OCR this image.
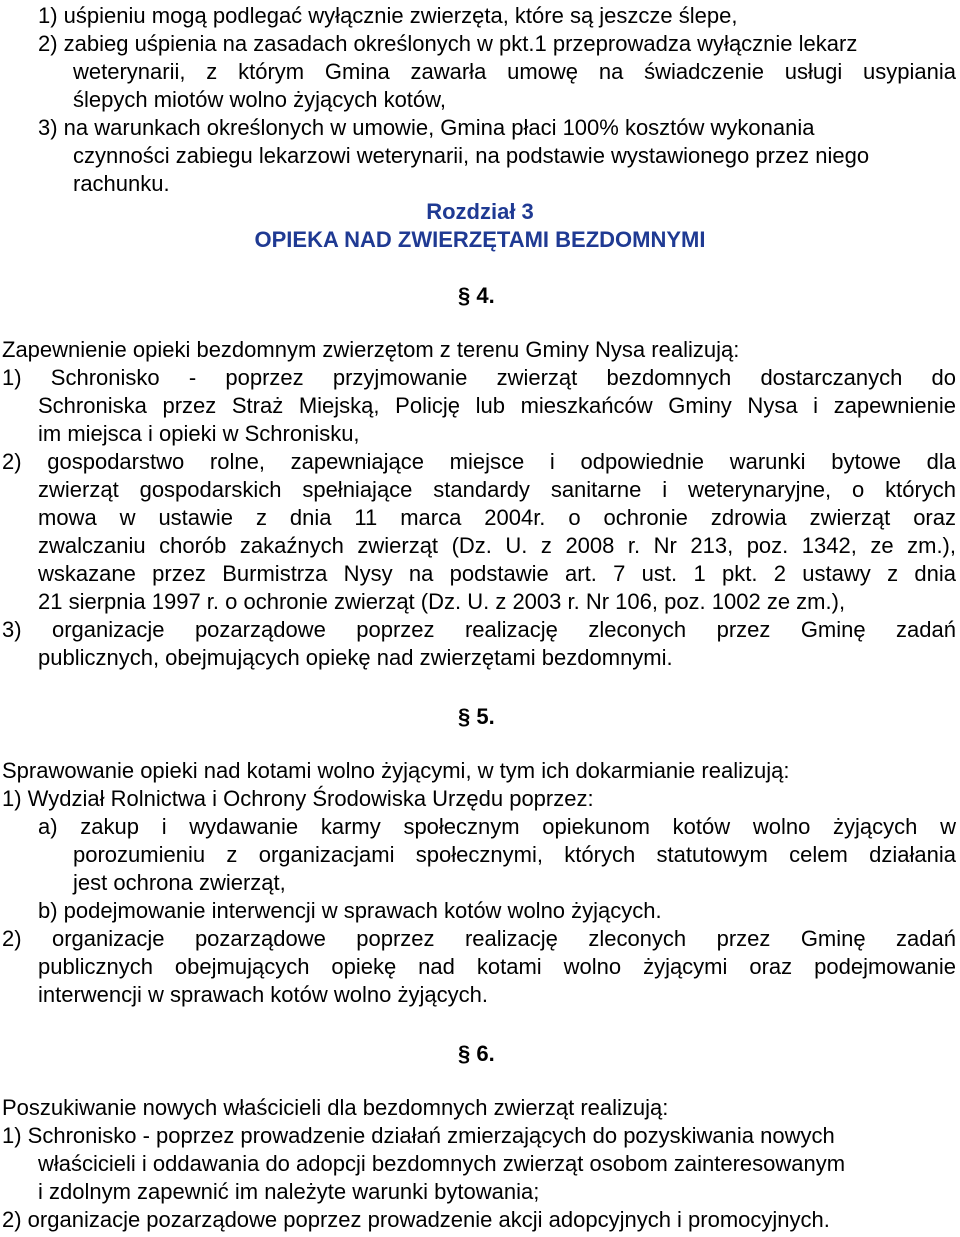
1) uśpieniu mogą podlegać wyłącznie zwierzęta, które są jeszcze ślepe,
2) zabieg uśpienia na zasadach określonych w pkt.1 przeprowadza wyłącznie lekarz
weterynarii, z którym Gmina zawarła umowę na świadczenie usługi usypiania
ślepych miotów wolno żyjących kotów,
3) na warunkach określonych w umowie, Gmina płaci 100% kosztów wykonania
czynności zabiegu lekarzowi weterynarii, na podstawie wystawionego przez niego
rachunku.
Rozdział 3
OPIEKA NAD ZWIERZĘTAMI BEZDOMNYMI
§ 4.
Zapewnienie opieki bezdomnym zwierzętom z terenu Gminy Nysa realizują:
1) Schronisko - poprzez przyjmowanie zwierząt bezdomnych dostarczanych do
Schroniska przez Straż Miejską, Policję lub mieszkańców Gminy Nysa i zapewnienie
im miejsca i opieki w Schronisku,
2) gospodarstwo rolne, zapewniające miejsce i odpowiednie warunki bytowe dla
zwierząt gospodarskich spełniające standardy sanitarne i weterynaryjne, o których
mowa w ustawie z dnia 11 marca 2004r. o ochronie zdrowia zwierząt oraz
zwalczaniu chorób zakaźnych zwierząt (Dz. U. z 2008 r. Nr 213, poz. 1342, ze zm.),
wskazane przez Burmistrza Nysy na podstawie art. 7 ust. 1 pkt. 2 ustawy z dnia
21 sierpnia 1997 r. o ochronie zwierząt (Dz. U. z 2003 r. Nr 106, poz. 1002 ze zm.),
3) organizacje pozarządowe poprzez realizację zleconych przez Gminę zadań
publicznych, obejmujących opiekę nad zwierzętami bezdomnymi.
§ 5.
Sprawowanie opieki nad kotami wolno żyjącymi, w tym ich dokarmianie realizują:
1) Wydział Rolnictwa i Ochrony Środowiska Urzędu poprzez:
a) zakup i wydawanie karmy społecznym opiekunom kotów wolno żyjących w
porozumieniu z organizacjami społecznymi, których statutowym celem działania
jest ochrona zwierząt,
b) podejmowanie interwencji w sprawach kotów wolno żyjących.
2) organizacje pozarządowe poprzez realizację zleconych przez Gminę zadań
publicznych obejmujących opiekę nad kotami wolno żyjącymi oraz podejmowanie
interwencji w sprawach kotów wolno żyjących.
§ 6.
Poszukiwanie nowych właścicieli dla bezdomnych zwierząt realizują:
1) Schronisko - poprzez prowadzenie działań zmierzających do pozyskiwania nowych
właścicieli i oddawania do adopcji bezdomnych zwierząt osobom zainteresowanym
i zdolnym zapewnić im należyte warunki bytowania;
2) organizacje pozarządowe poprzez prowadzenie akcji adopcyjnych i promocyjnych.
